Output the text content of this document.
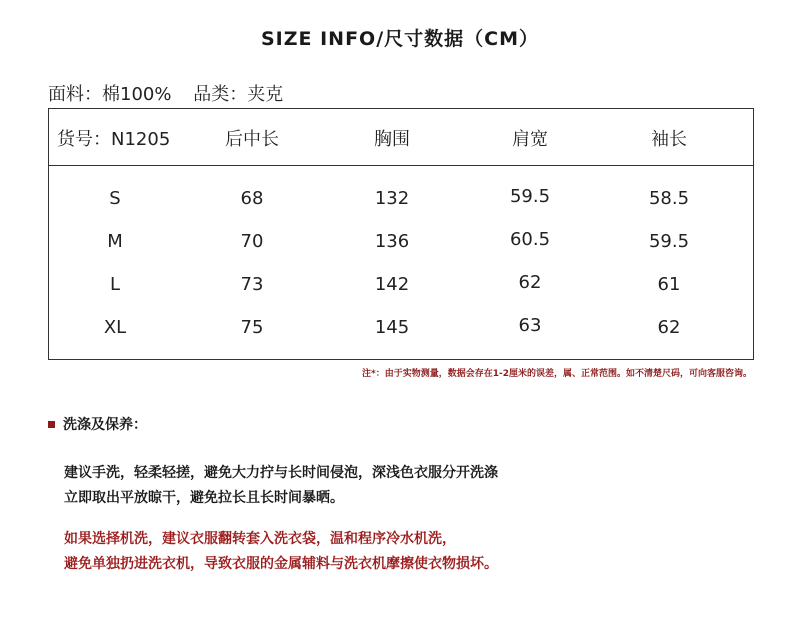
SIZE INFO/尺寸数据（CM）
面料：棉100% 品类：夹克
货号：N1205	后中长	胸围	肩宽	袖长
S	68	132	59.5	58.5
M	70	136	60.5	59.5
L	73	142	62	61
XL	75	145	63	62
注*：由于实物测量，数据会存在1-2厘米的误差，属、正常范围。如不清楚尺码，可向客服咨询。
洗涤及保养：
建议手洗，轻柔轻搓，避免大力拧与长时间侵泡，深浅色衣服分开洗涤
立即取出平放晾干，避免拉长且长时间暴晒。
如果选择机洗，建议衣服翻转套入洗衣袋，温和程序冷水机洗，
避免单独扔进洗衣机，导致衣服的金属辅料与洗衣机摩擦使衣物损坏。
